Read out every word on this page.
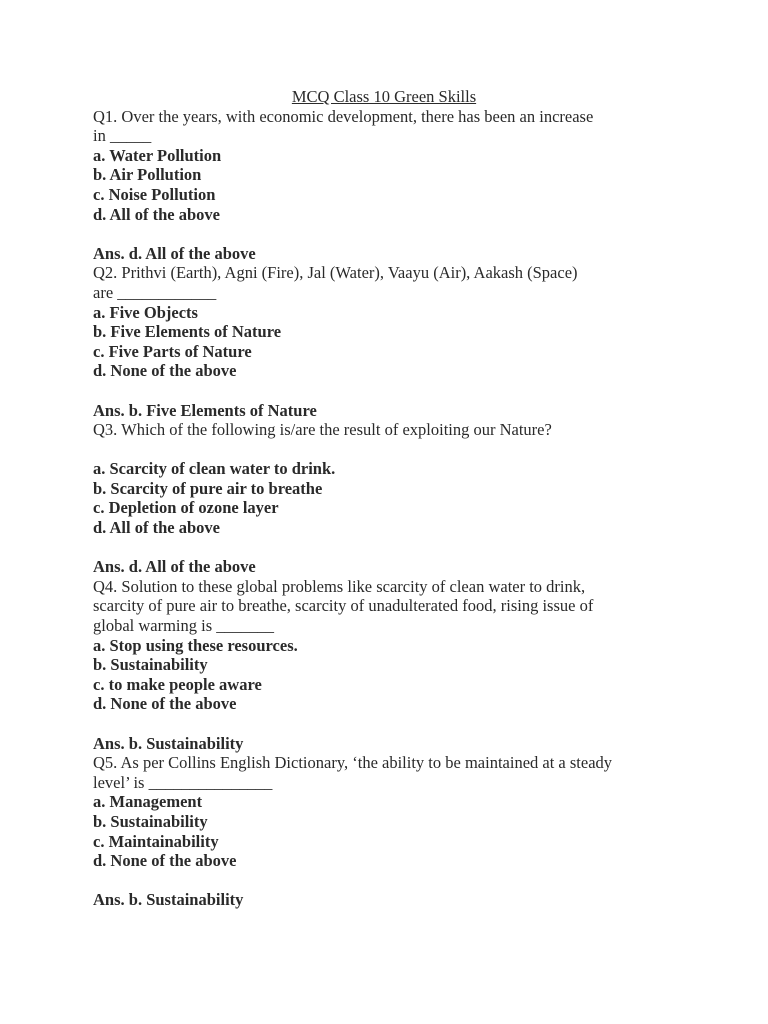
MCQ Class 10 Green Skills
Q1. Over the years, with economic development, there has been an increase
in _____
a. Water Pollution
b. Air Pollution
c. Noise Pollution
d. All of the above
Ans. d. All of the above
Q2. Prithvi (Earth), Agni (Fire), Jal (Water), Vaayu (Air), Aakash (Space)
are ____________
a. Five Objects
b. Five Elements of Nature
c. Five Parts of Nature
d. None of the above
Ans. b. Five Elements of Nature
Q3. Which of the following is/are the result of exploiting our Nature?
a. Scarcity of clean water to drink.
b. Scarcity of pure air to breathe
c. Depletion of ozone layer
d. All of the above
Ans. d. All of the above
Q4. Solution to these global problems like scarcity of clean water to drink,
scarcity of pure air to breathe, scarcity of unadulterated food, rising issue of
global warming is _______
a. Stop using these resources.
b. Sustainability
c. to make people aware
d. None of the above
Ans. b. Sustainability
Q5. As per Collins English Dictionary, ‘the ability to be maintained at a steady
level’ is _______________
a. Management
b. Sustainability
c. Maintainability
d. None of the above
Ans. b. Sustainability
